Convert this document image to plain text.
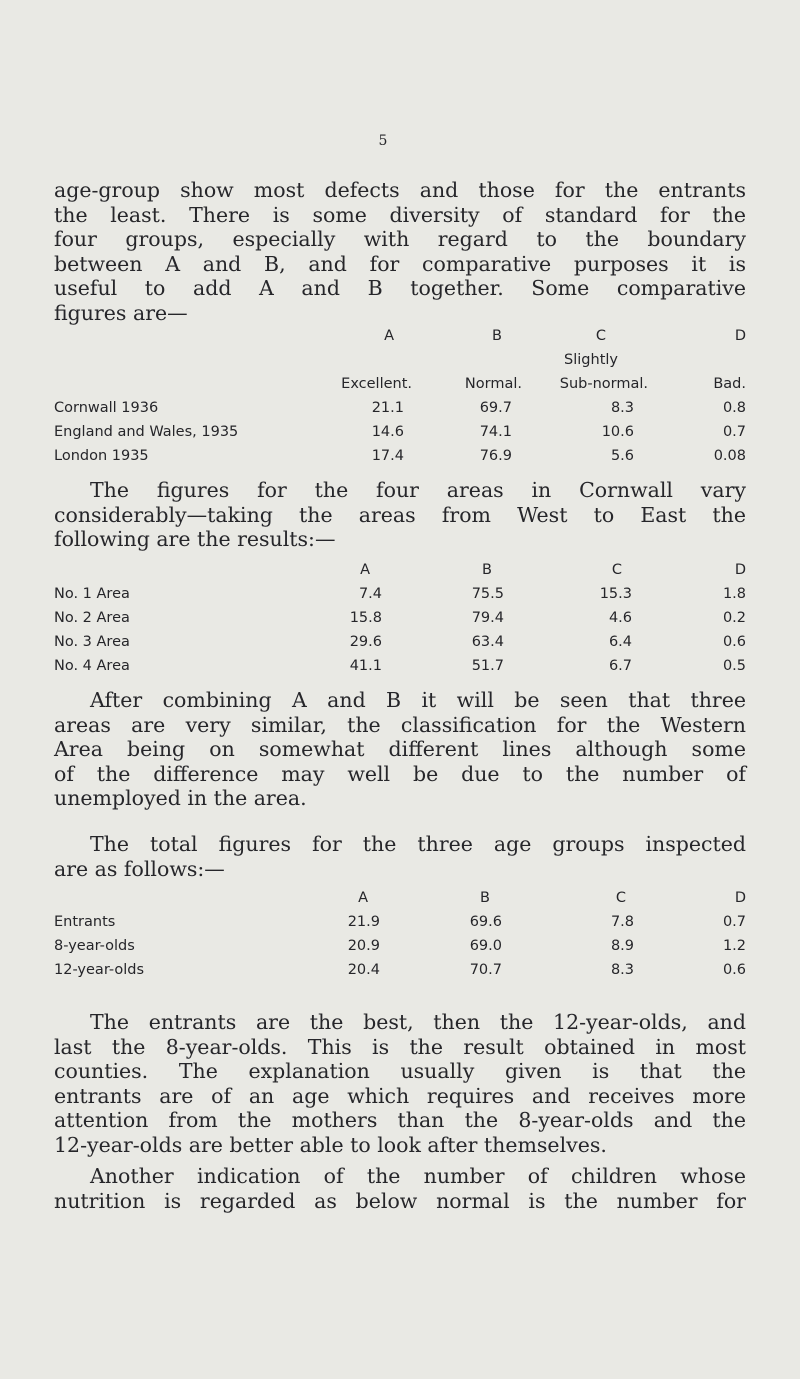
5

age-group show most defects and those for the entrants
the least. There is some diversity of standard for the
four groups, especially with regard to the boundary
between A and B, and for comparative purposes it is
useful to add A and B together. Some comparative
figures are—

	A	B	C	D
			Slightly	
	Excellent.	Normal.	Sub-normal.	Bad.
Cornwall 1936	21.1	69.7	8.3	0.8
England and Wales, 1935	14.6	74.1	10.6	0.7
London 1935	17.4	76.9	5.6	0.08

The figures for the four areas in Cornwall vary
considerably—taking the areas from West to East the
following are the results:—

	A	B	C	D
No. 1 Area	7.4	75.5	15.3	1.8
No. 2 Area	15.8	79.4	4.6	0.2
No. 3 Area	29.6	63.4	6.4	0.6
No. 4 Area	41.1	51.7	6.7	0.5

After combining A and B it will be seen that three
areas are very similar, the classification for the Western
Area being on somewhat different lines although some
of the difference may well be due to the number of
unemployed in the area.

The total figures for the three age groups inspected
are as follows:—

	A	B	C	D
Entrants	21.9	69.6	7.8	0.7
8-year-olds	20.9	69.0	8.9	1.2
12-year-olds	20.4	70.7	8.3	0.6

The entrants are the best, then the 12-year-olds, and
last the 8-year-olds. This is the result obtained in most
counties. The explanation usually given is that the
entrants are of an age which requires and receives more
attention from the mothers than the 8-year-olds and the
12-year-olds are better able to look after themselves.

Another indication of the number of children whose
nutrition is regarded as below normal is the number for
